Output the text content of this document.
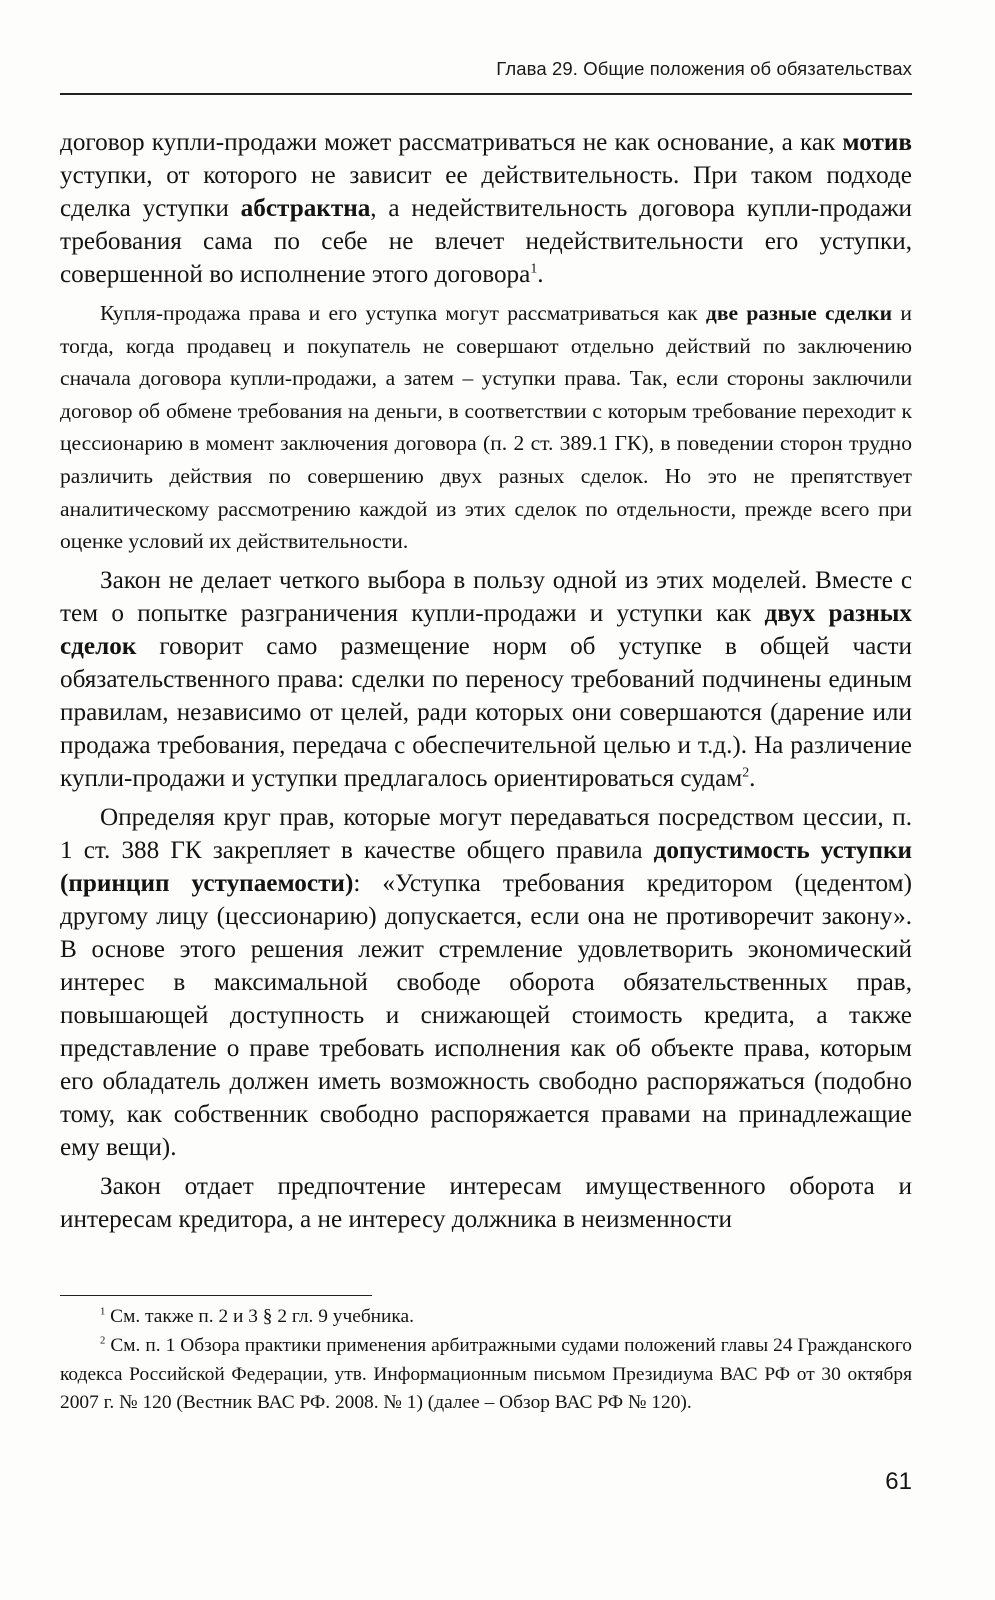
Глава 29. Общие положения об обязательствах

договор купли-продажи может рассматриваться не как основание, а как мотив уступки, от которого не зависит ее действительность. При таком подходе сделка уступки абстрактна, а недействительность договора купли-продажи требования сама по себе не влечет недействительности его уступки, совершенной во исполнение этого договора$^1$.

Купля-продажа права и его уступка могут рассматриваться как две разные сделки и тогда, когда продавец и покупатель не совершают отдельно действий по заключению сначала договора купли-продажи, а затем – уступки права. Так, если стороны заключили договор об обмене требования на деньги, в соответствии с которым требование переходит к цессионарию в момент заключения договора (п. 2 ст. 389.1 ГК), в поведении сторон трудно различить действия по совершению двух разных сделок. Но это не препятствует аналитическому рассмотрению каждой из этих сделок по отдельности, прежде всего при оценке условий их действительности.

Закон не делает четкого выбора в пользу одной из этих моделей. Вместе с тем о попытке разграничения купли-продажи и уступки как двух разных сделок говорит само размещение норм об уступке в общей части обязательственного права: сделки по переносу требований подчинены единым правилам, независимо от целей, ради которых они совершаются (дарение или продажа требования, передача с обеспечительной целью и т.д.). На различение купли-продажи и уступки предлагалось ориентироваться судам$^2$.

Определяя круг прав, которые могут передаваться посредством цессии, п. 1 ст. 388 ГК закрепляет в качестве общего правила допустимость уступки (принцип уступаемости): «Уступка требования кредитором (цедентом) другому лицу (цессионарию) допускается, если она не противоречит закону». В основе этого решения лежит стремление удовлетворить экономический интерес в максимальной свободе оборота обязательственных прав, повышающей доступность и снижающей стоимость кредита, а также представление о праве требовать исполнения как об объекте права, которым его обладатель должен иметь возможность свободно распоряжаться (подобно тому, как собственник свободно распоряжается правами на принадлежащие ему вещи).

Закон отдает предпочтение интересам имущественного оборота и интересам кредитора, а не интересу должника в неизменности

$^1$ См. также п. 2 и 3 § 2 гл. 9 учебника.

$^2$ См. п. 1 Обзора практики применения арбитражными судами положений главы 24 Гражданского кодекса Российской Федерации, утв. Информационным письмом Президиума ВАС РФ от 30 октября 2007 г. № 120 (Вестник ВАС РФ. 2008. № 1) (далее – Обзор ВАС РФ № 120).

61
